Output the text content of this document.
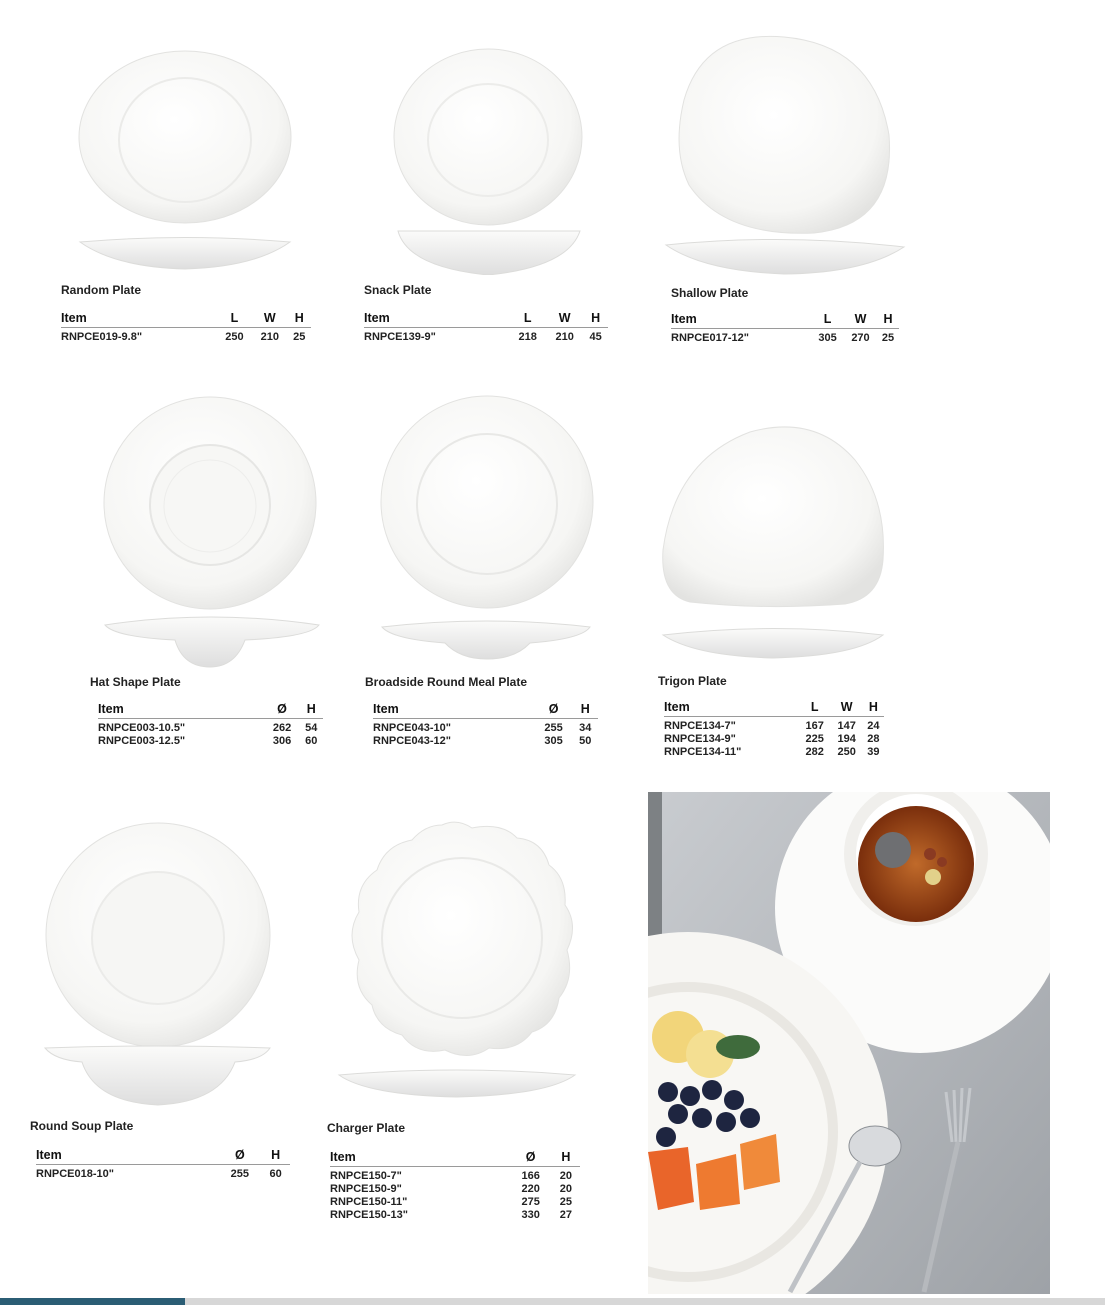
Random Plate
Item	L	W	H
RNPCE019-9.8"	250	210	25
Snack Plate
Item	L	W	H
RNPCE139-9"	218	210	45
Shallow Plate
Item	L	W	H
RNPCE017-12"	305	270	25
Hat Shape Plate
Item	Ø	H
RNPCE003-10.5"	262	54
RNPCE003-12.5"	306	60
Broadside Round Meal Plate
Item	Ø	H
RNPCE043-10"	255	34
RNPCE043-12"	305	50
Trigon Plate
Item	L	W	H
RNPCE134-7"	167	147	24
RNPCE134-9"	225	194	28
RNPCE134-11"	282	250	39
Round Soup Plate
Item	Ø	H
RNPCE018-10"	255	60
Charger Plate
Item	Ø	H
RNPCE150-7"	166	20
RNPCE150-9"	220	20
RNPCE150-11"	275	25
RNPCE150-13"	330	27
